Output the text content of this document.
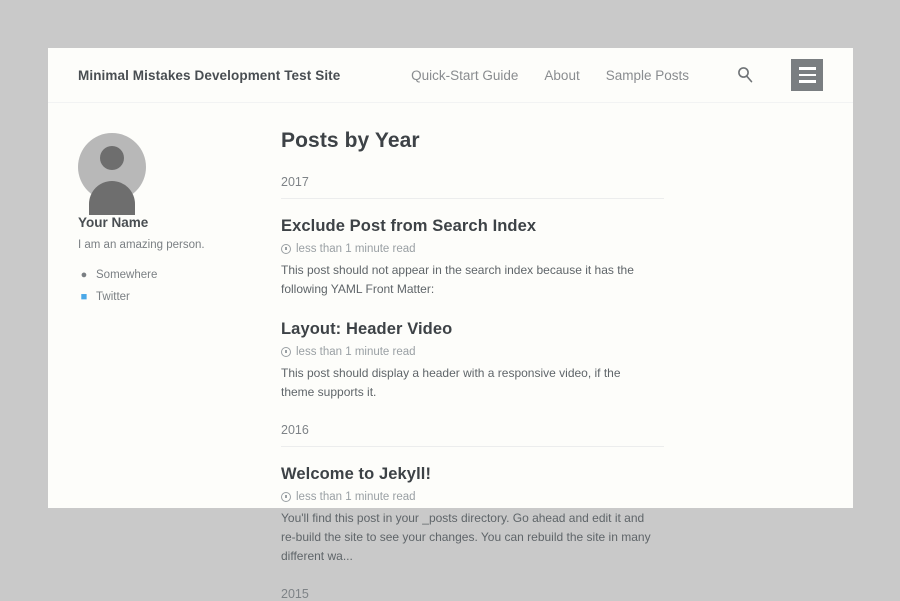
Minimal Mistakes Development Test Site	Quick-Start Guide About Sample Posts
Your Name
I am an amazing person.
●﻿ Somewhere
■ Twitter
Posts by Year
2017
Exclude Post from Search Index
less than 1 minute read

This post should not appear in the search index because it has the following YAML Front Matter:

Layout: Header Video
less than 1 minute read

This post should display a header with a responsive video, if the theme supports it.

2016
Welcome to Jekyll!
less than 1 minute read

You'll find this post in your _posts directory. Go ahead and edit it and re-build the site to see your changes. You can rebuild the site in many different wa...

2015
